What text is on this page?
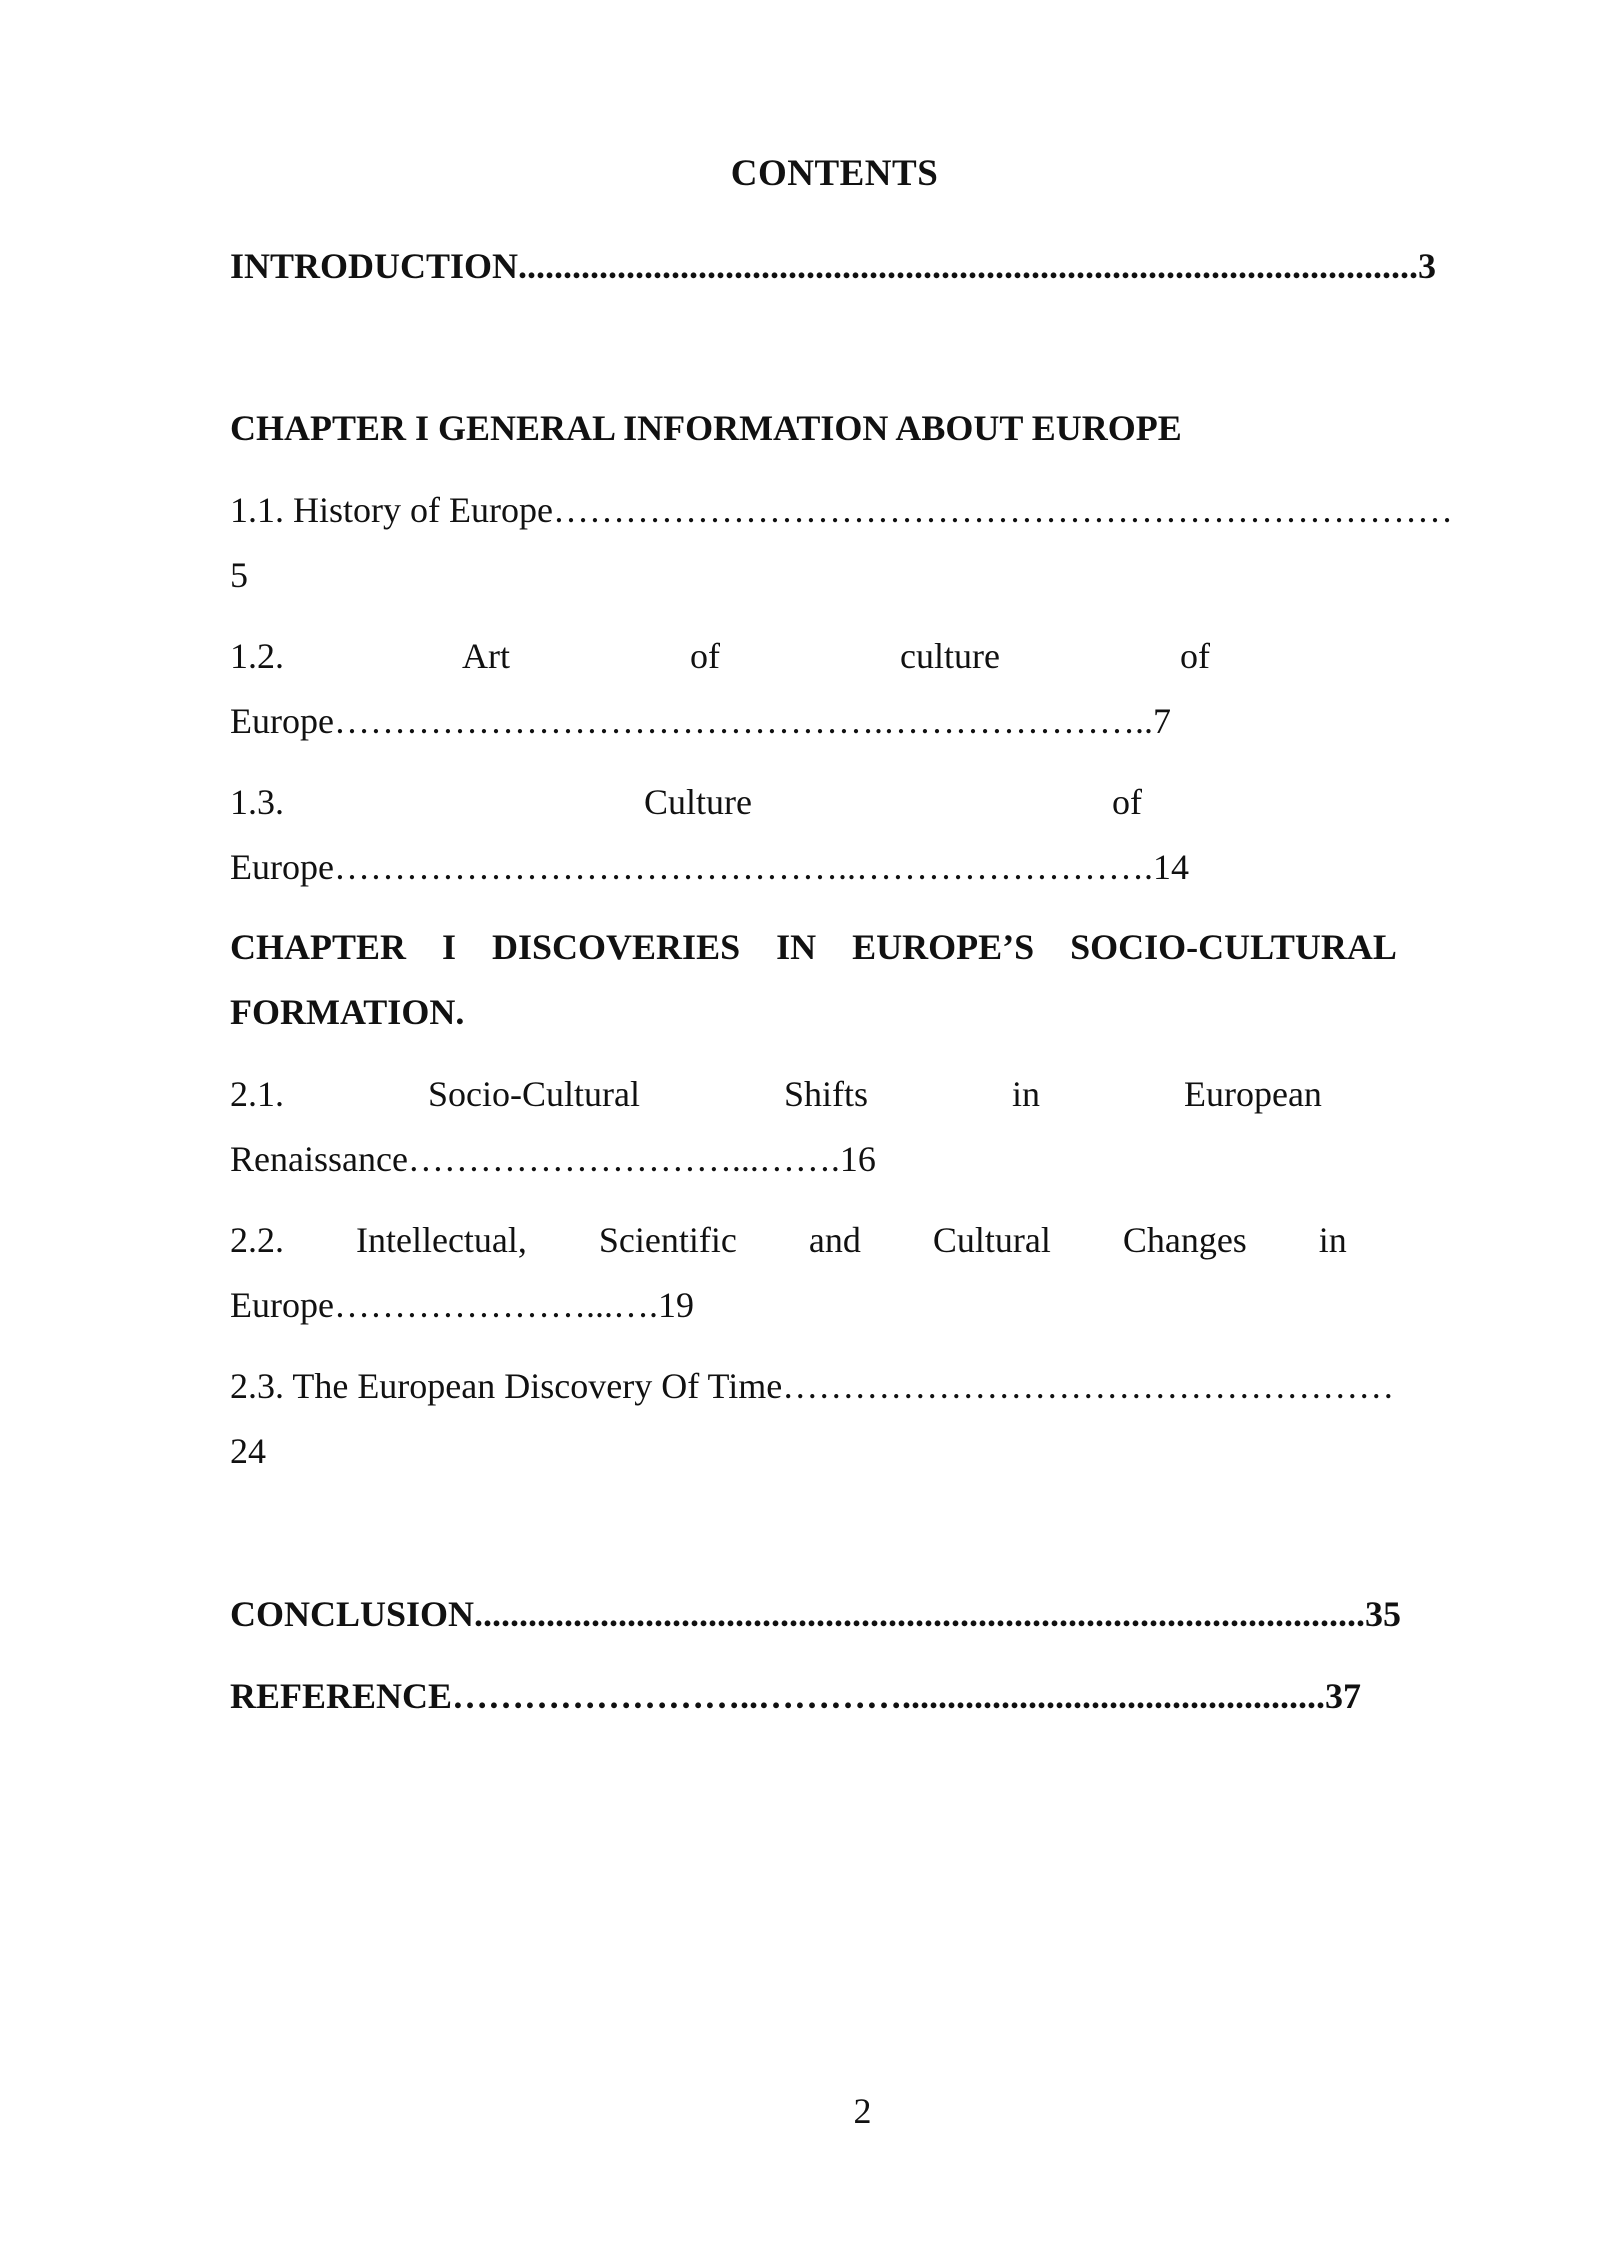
CONTENTS
INTRODUCTION....................................................................................................3
CHAPTER I GENERAL INFORMATION ABOUT EUROPE
1.1. History of Europe…………………………………………………………………
5
1.2.                    Art                    of                    culture                    of
Europe……………………………………….…………………..7
1.3.                                        Culture                                        of
Europe……………………………………..…………………….14
CHAPTER    I    DISCOVERIES    IN    EUROPE’S    SOCIO-CULTURAL
FORMATION.
2.1.                Socio-Cultural                Shifts                in                European
Renaissance………………………...…….16
2.2.        Intellectual,        Scientific        and        Cultural        Changes        in
Europe…………………...….19
2.3. The European Discovery Of Time……………………………………………
24
CONCLUSION...................................................................................................35
REFERENCE……………………..…………...............................................37
2
